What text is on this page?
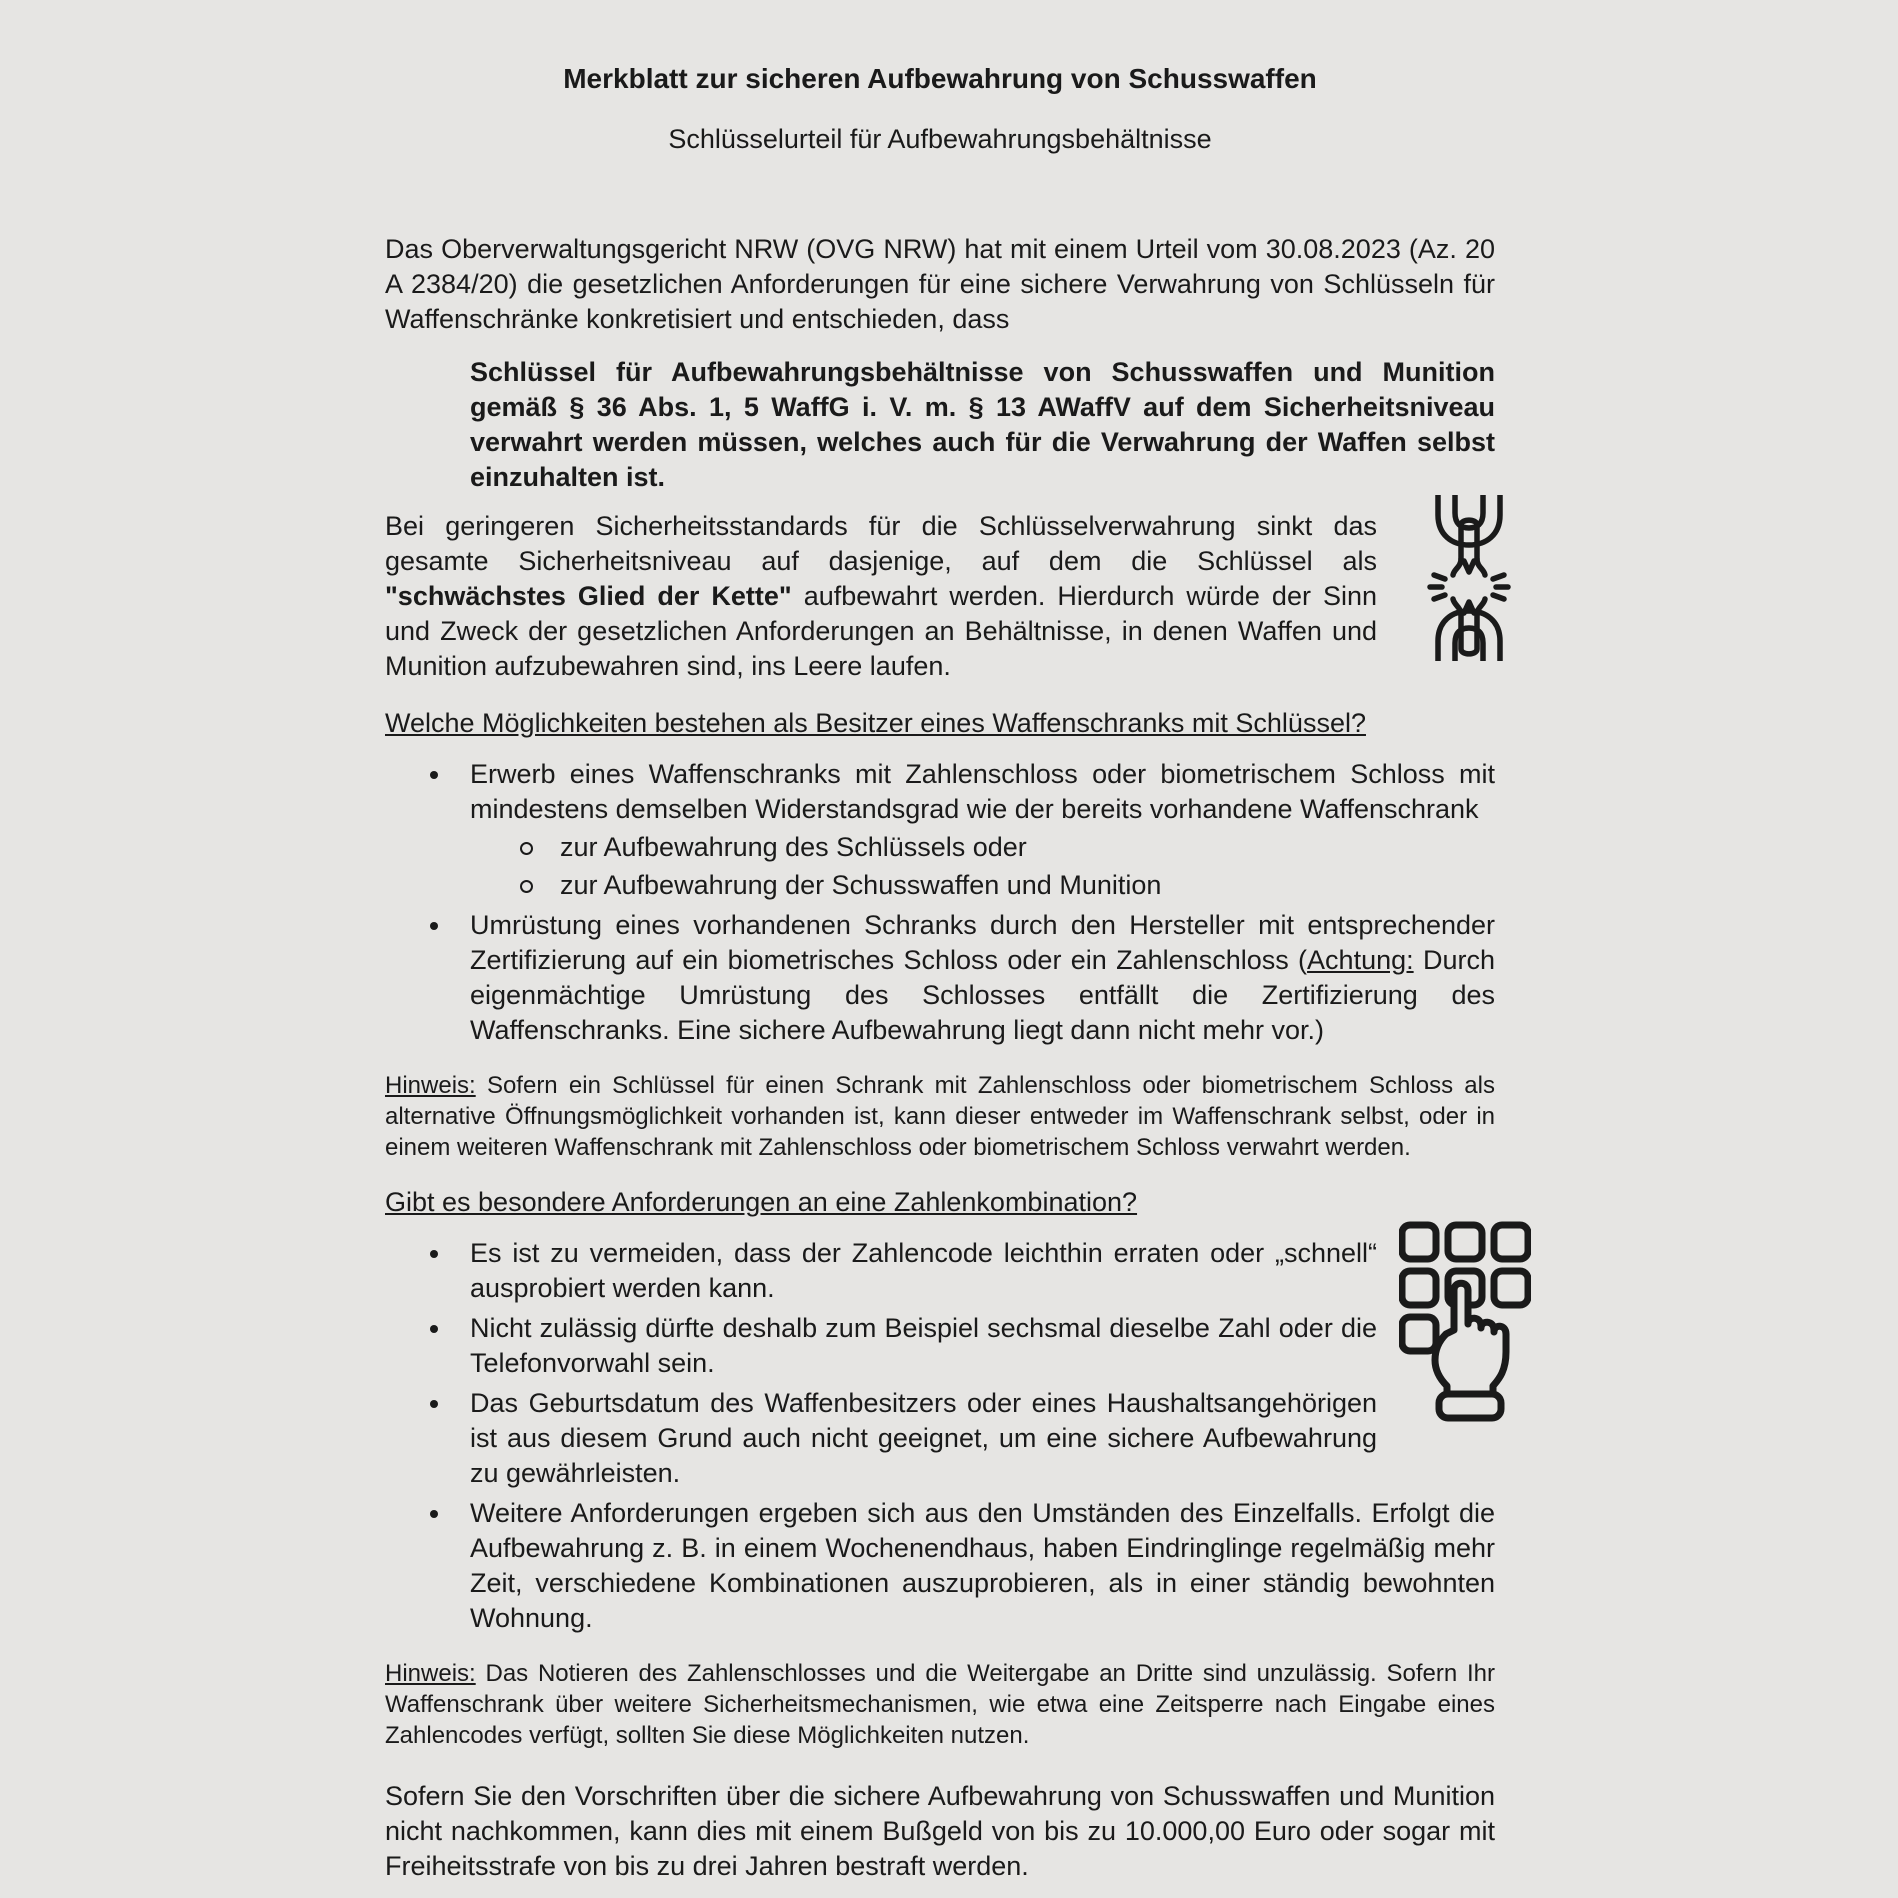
Merkblatt zur sicheren Aufbewahrung von Schusswaffen
Schlüsselurteil für Aufbewahrungsbehältnisse
Das Oberverwaltungsgericht NRW (OVG NRW) hat mit einem Urteil vom 30.08.2023 (Az. 20 A 2384/20) die gesetzlichen Anforderungen für eine sichere Verwahrung von Schlüsseln für Waffenschränke konkretisiert und entschieden, dass
Schlüssel für Aufbewahrungsbehältnisse von Schusswaffen und Munition gemäß § 36 Abs. 1, 5 WaffG i. V. m. § 13 AWaffV auf dem Sicherheitsniveau verwahrt werden müssen, welches auch für die Verwahrung der Waffen selbst einzuhalten ist.
Bei geringeren Sicherheitsstandards für die Schlüsselverwahrung sinkt das gesamte Sicherheitsniveau auf dasjenige, auf dem die Schlüssel als "schwächstes Glied der Kette" aufbewahrt werden. Hierdurch würde der Sinn und Zweck der gesetzlichen Anforderungen an Behältnisse, in denen Waffen und Munition aufzubewahren sind, ins Leere laufen.
Welche Möglichkeiten bestehen als Besitzer eines Waffenschranks mit Schlüssel?
Erwerb eines Waffenschranks mit Zahlenschloss oder biometrischem Schloss mit mindestens demselben Widerstandsgrad wie der bereits vorhandene Waffenschrank
zur Aufbewahrung des Schlüssels oder
zur Aufbewahrung der Schusswaffen und Munition
Umrüstung eines vorhandenen Schranks durch den Hersteller mit entsprechender Zertifizierung auf ein biometrisches Schloss oder ein Zahlenschloss (Achtung: Durch eigenmächtige Umrüstung des Schlosses entfällt die Zertifizierung des Waffenschranks. Eine sichere Aufbewahrung liegt dann nicht mehr vor.)
Hinweis: Sofern ein Schlüssel für einen Schrank mit Zahlenschloss oder biometrischem Schloss als alternative Öffnungsmöglichkeit vorhanden ist, kann dieser entweder im Waffenschrank selbst, oder in einem weiteren Waffenschrank mit Zahlenschloss oder biometrischem Schloss verwahrt werden.
Gibt es besondere Anforderungen an eine Zahlenkombination?
Es ist zu vermeiden, dass der Zahlencode leichthin erraten oder „schnell“ ausprobiert werden kann.
Nicht zulässig dürfte deshalb zum Beispiel sechsmal dieselbe Zahl oder die Telefonvorwahl sein.
Das Geburtsdatum des Waffenbesitzers oder eines Haushaltsangehörigen ist aus diesem Grund auch nicht geeignet, um eine sichere Aufbewahrung zu gewährleisten.
Weitere Anforderungen ergeben sich aus den Umständen des Einzelfalls. Erfolgt die Aufbewahrung z. B. in einem Wochenendhaus, haben Eindringlinge regelmäßig mehr Zeit, verschiedene Kombinationen auszuprobieren, als in einer ständig bewohnten Wohnung.
Hinweis: Das Notieren des Zahlenschlosses und die Weitergabe an Dritte sind unzulässig. Sofern Ihr Waffenschrank über weitere Sicherheitsmechanismen, wie etwa eine Zeitsperre nach Eingabe eines Zahlencodes verfügt, sollten Sie diese Möglichkeiten nutzen.
Sofern Sie den Vorschriften über die sichere Aufbewahrung von Schusswaffen und Munition nicht nachkommen, kann dies mit einem Bußgeld von bis zu 10.000,00 Euro oder sogar mit Freiheitsstrafe von bis zu drei Jahren bestraft werden.
